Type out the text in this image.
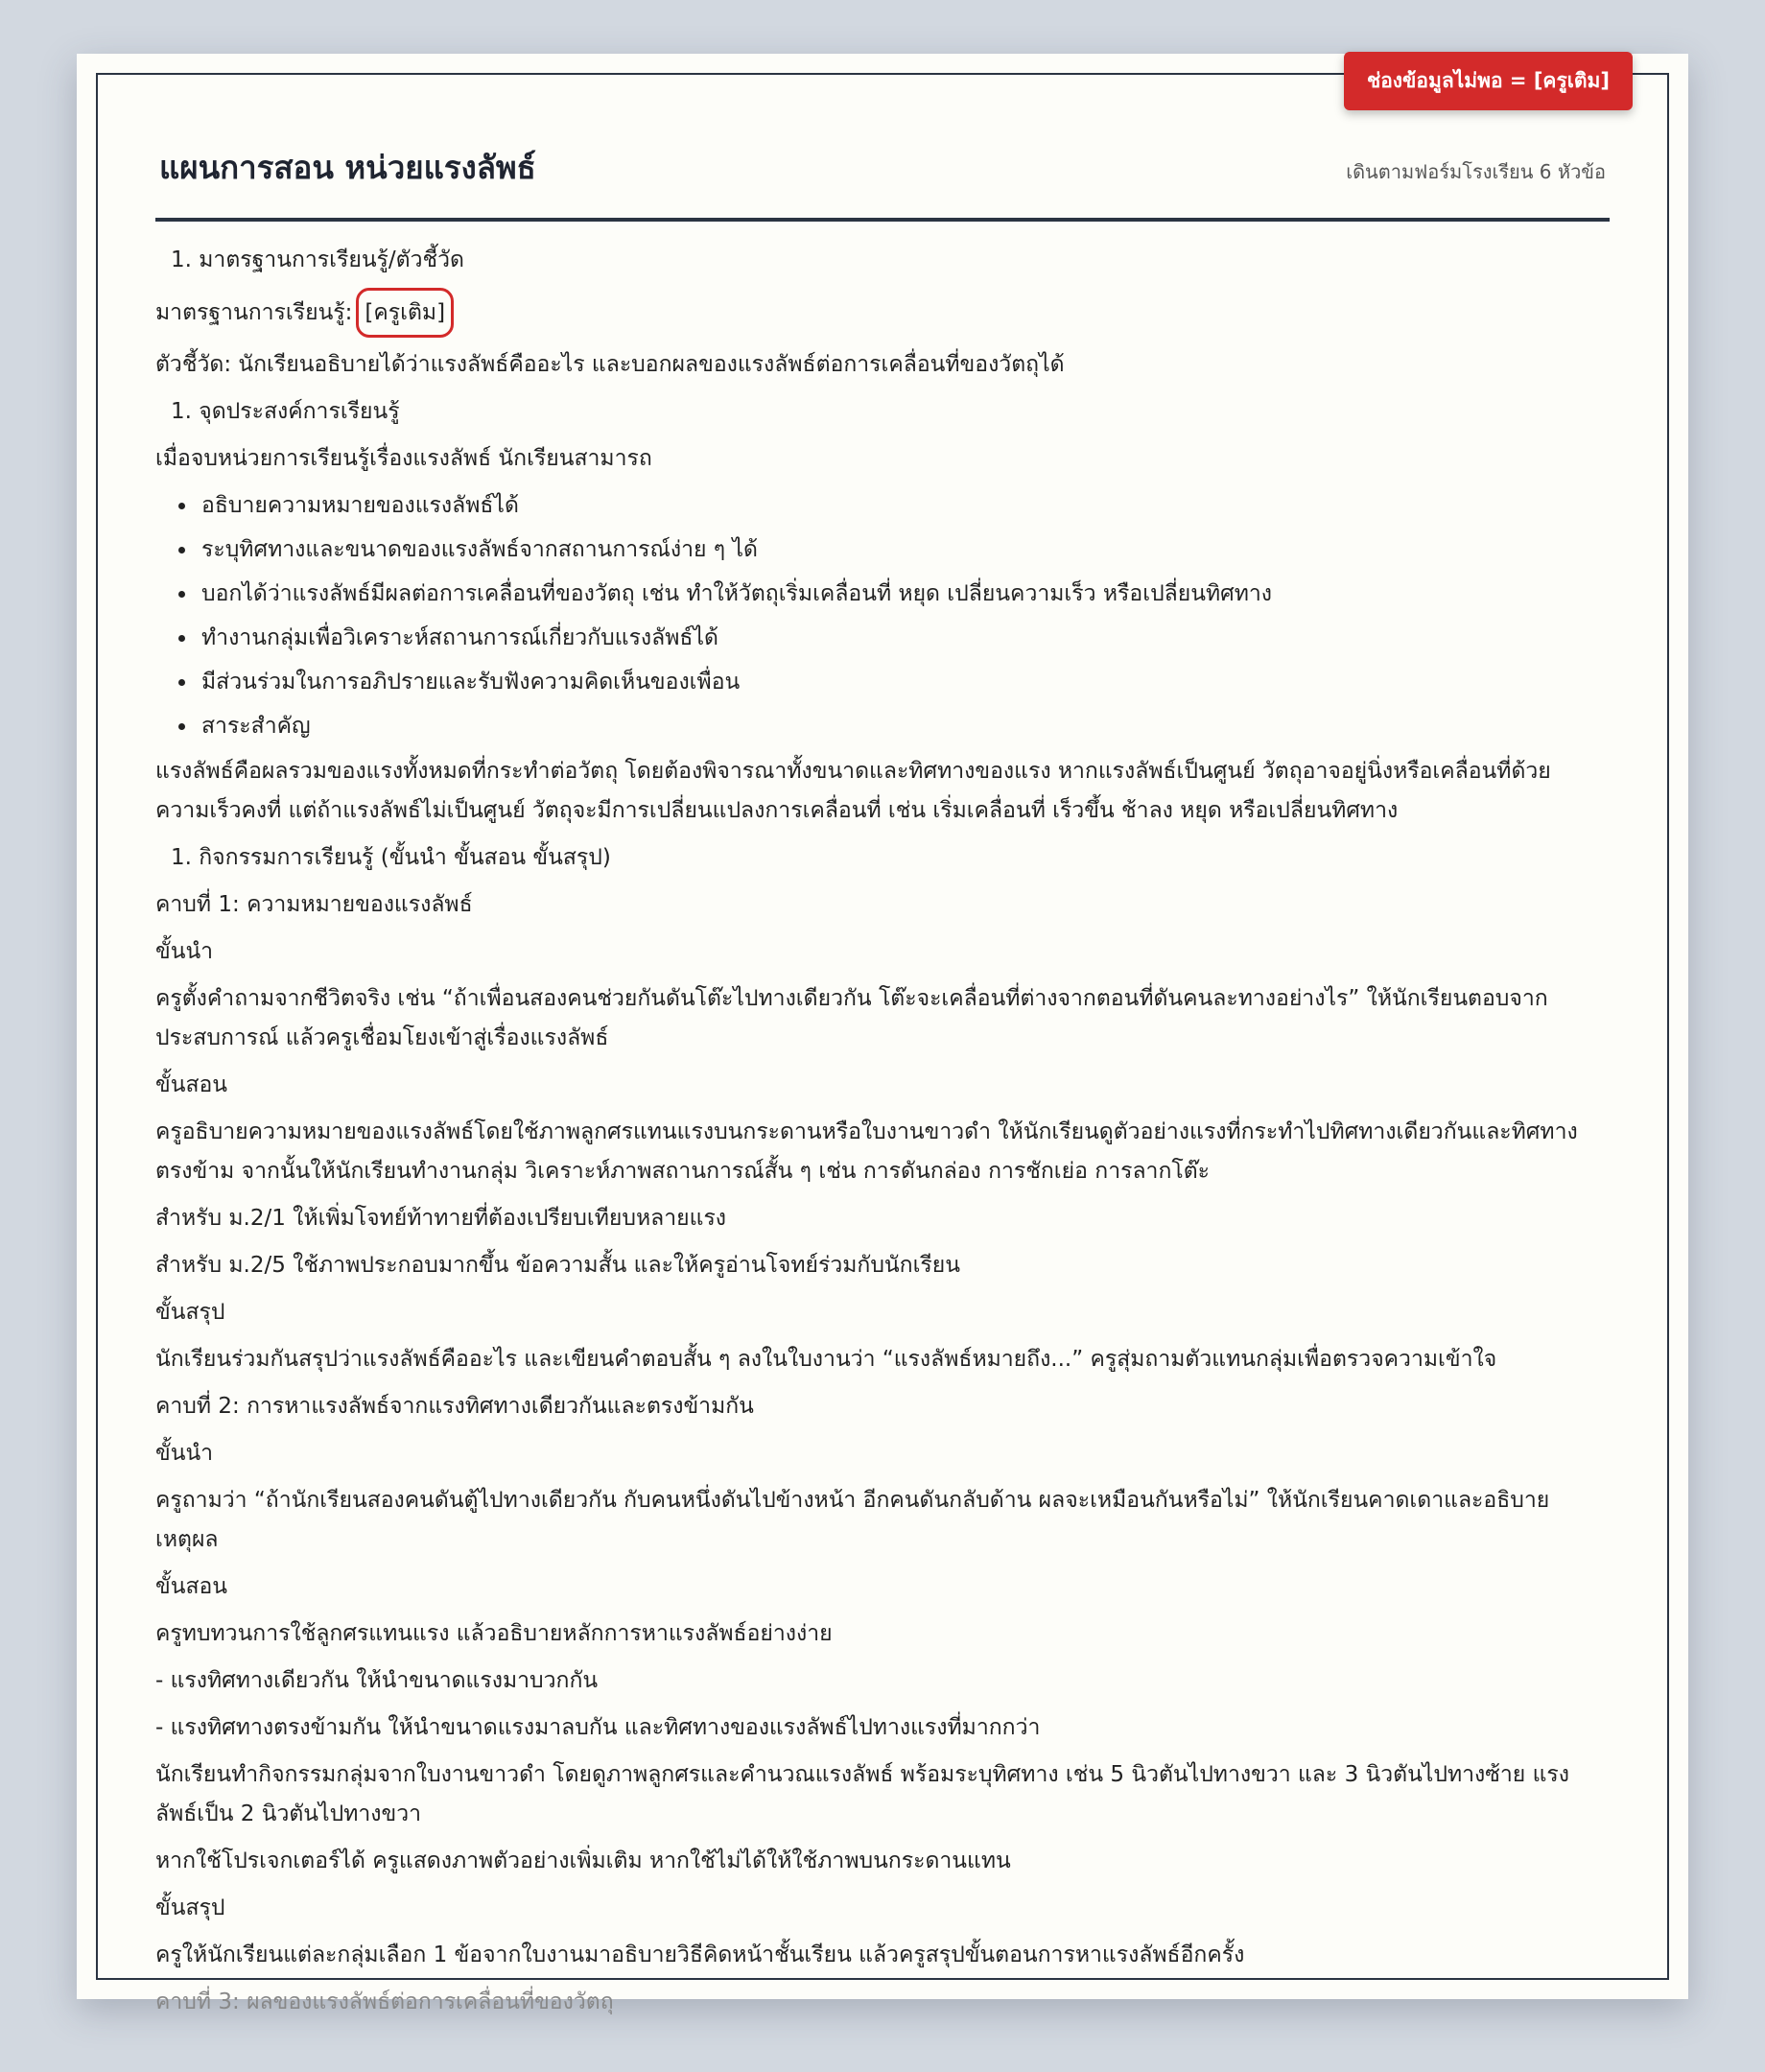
ช่องข้อมูลไม่พอ = [ครูเติม]
แผนการสอน หน่วยแรงลัพธ์	เดินตามฟอร์มโรงเรียน 6 หัวข้อ

1. มาตรฐานการเรียนรู้/ตัวชี้วัด

มาตรฐานการเรียนรู้: [ครูเติม]

ตัวชี้วัด: นักเรียนอธิบายได้ว่าแรงลัพธ์คืออะไร และบอกผลของแรงลัพธ์ต่อการเคลื่อนที่ของวัตถุได้

1. จุดประสงค์การเรียนรู้

เมื่อจบหน่วยการเรียนรู้เรื่องแรงลัพธ์ นักเรียนสามารถ

• อธิบายความหมายของแรงลัพธ์ได้
• ระบุทิศทางและขนาดของแรงลัพธ์จากสถานการณ์ง่าย ๆ ได้
• บอกได้ว่าแรงลัพธ์มีผลต่อการเคลื่อนที่ของวัตถุ เช่น ทำให้วัตถุเริ่มเคลื่อนที่ หยุด เปลี่ยนความเร็ว หรือเปลี่ยนทิศทาง
• ทำงานกลุ่มเพื่อวิเคราะห์สถานการณ์เกี่ยวกับแรงลัพธ์ได้
• มีส่วนร่วมในการอภิปรายและรับฟังความคิดเห็นของเพื่อน
• สาระสำคัญ

แรงลัพธ์คือผลรวมของแรงทั้งหมดที่กระทำต่อวัตถุ โดยต้องพิจารณาทั้งขนาดและทิศทางของแรง หากแรงลัพธ์เป็นศูนย์ วัตถุอาจอยู่นิ่งหรือเคลื่อนที่ด้วยความเร็วคงที่ แต่ถ้าแรงลัพธ์ไม่เป็นศูนย์ วัตถุจะมีการเปลี่ยนแปลงการเคลื่อนที่ เช่น เริ่มเคลื่อนที่ เร็วขึ้น ช้าลง หยุด หรือเปลี่ยนทิศทาง

1. กิจกรรมการเรียนรู้ (ขั้นนำ ขั้นสอน ขั้นสรุป)

คาบที่ 1: ความหมายของแรงลัพธ์

ขั้นนำ

ครูตั้งคำถามจากชีวิตจริง เช่น “ถ้าเพื่อนสองคนช่วยกันดันโต๊ะไปทางเดียวกัน โต๊ะจะเคลื่อนที่ต่างจากตอนที่ดันคนละทางอย่างไร” ให้นักเรียนตอบจากประสบการณ์ แล้วครูเชื่อมโยงเข้าสู่เรื่องแรงลัพธ์

ขั้นสอน

ครูอธิบายความหมายของแรงลัพธ์โดยใช้ภาพลูกศรแทนแรงบนกระดานหรือใบงานขาวดำ ให้นักเรียนดูตัวอย่างแรงที่กระทำไปทิศทางเดียวกันและทิศทางตรงข้าม จากนั้นให้นักเรียนทำงานกลุ่ม วิเคราะห์ภาพสถานการณ์สั้น ๆ เช่น การดันกล่อง การชักเย่อ การลากโต๊ะ

สำหรับ ม.2/1 ให้เพิ่มโจทย์ท้าทายที่ต้องเปรียบเทียบหลายแรง

สำหรับ ม.2/5 ใช้ภาพประกอบมากขึ้น ข้อความสั้น และให้ครูอ่านโจทย์ร่วมกับนักเรียน

ขั้นสรุป

นักเรียนร่วมกันสรุปว่าแรงลัพธ์คืออะไร และเขียนคำตอบสั้น ๆ ลงในใบงานว่า “แรงลัพธ์หมายถึง...” ครูสุ่มถามตัวแทนกลุ่มเพื่อตรวจความเข้าใจ

คาบที่ 2: การหาแรงลัพธ์จากแรงทิศทางเดียวกันและตรงข้ามกัน

ขั้นนำ

ครูถามว่า “ถ้านักเรียนสองคนดันตู้ไปทางเดียวกัน กับคนหนึ่งดันไปข้างหน้า อีกคนดันกลับด้าน ผลจะเหมือนกันหรือไม่” ให้นักเรียนคาดเดาและอธิบายเหตุผล

ขั้นสอน

ครูทบทวนการใช้ลูกศรแทนแรง แล้วอธิบายหลักการหาแรงลัพธ์อย่างง่าย

- แรงทิศทางเดียวกัน ให้นำขนาดแรงมาบวกกัน

- แรงทิศทางตรงข้ามกัน ให้นำขนาดแรงมาลบกัน และทิศทางของแรงลัพธ์ไปทางแรงที่มากกว่า

นักเรียนทำกิจกรรมกลุ่มจากใบงานขาวดำ โดยดูภาพลูกศรและคำนวณแรงลัพธ์ พร้อมระบุทิศทาง เช่น 5 นิวตันไปทางขวา และ 3 นิวตันไปทางซ้าย แรงลัพธ์เป็น 2 นิวตันไปทางขวา

หากใช้โปรเจกเตอร์ได้ ครูแสดงภาพตัวอย่างเพิ่มเติม หากใช้ไม่ได้ให้ใช้ภาพบนกระดานแทน

ขั้นสรุป

ครูให้นักเรียนแต่ละกลุ่มเลือก 1 ข้อจากใบงานมาอธิบายวิธีคิดหน้าชั้นเรียน แล้วครูสรุปขั้นตอนการหาแรงลัพธ์อีกครั้ง

คาบที่ 3: ผลของแรงลัพธ์ต่อการเคลื่อนที่ของวัตถุ
